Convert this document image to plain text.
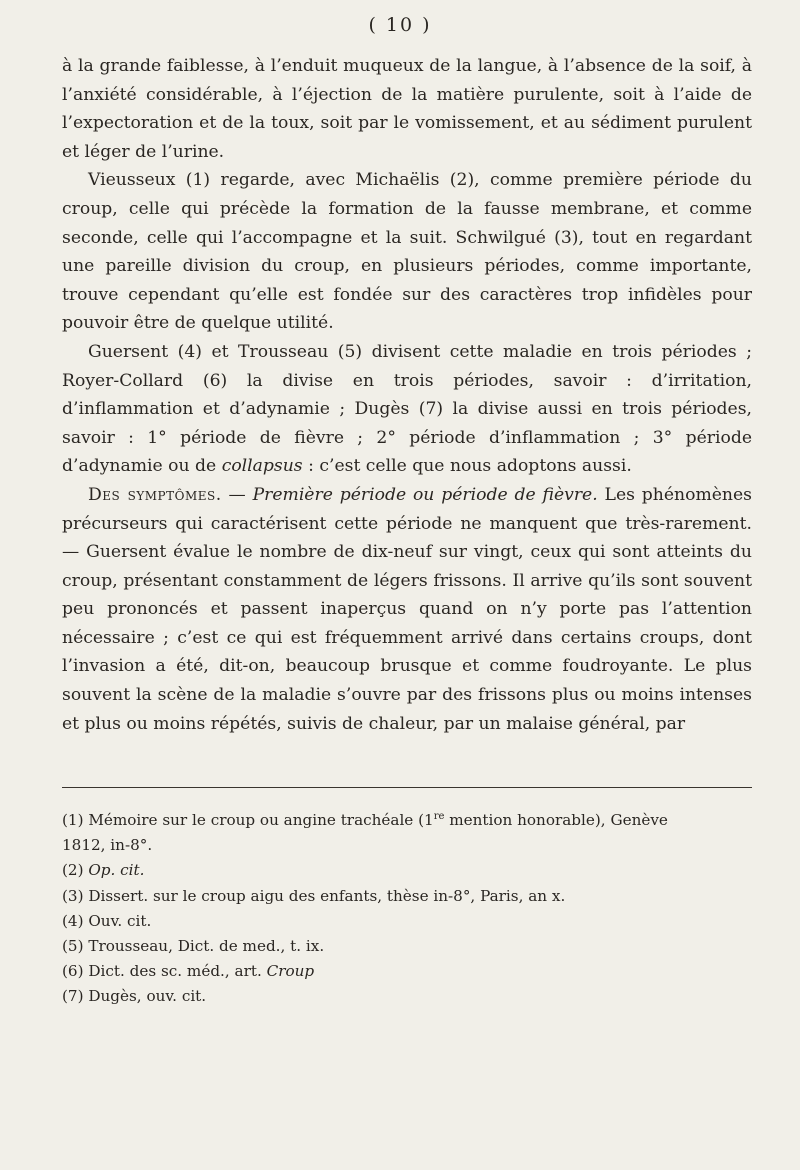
( 10 )

à la grande faiblesse, à l’enduit muqueux de la langue, à l’absence de la soif, à l’anxiété considérable, à l’éjection de la matière purulente, soit à l’aide de l’expectoration et de la toux, soit par le vomissement, et au sédiment purulent et léger de l’urine.

Vieusseux (1) regarde, avec Michaëlis (2), comme première période du croup, celle qui précède la formation de la fausse membrane, et comme seconde, celle qui l’accompagne et la suit. Schwilgué (3), tout en regardant une pareille division du croup, en plusieurs périodes, comme importante, trouve cependant qu’elle est fondée sur des caractères trop infidèles pour pouvoir être de quelque utilité.

Guersent (4) et Trousseau (5) divisent cette maladie en trois périodes ; Royer-Collard (6) la divise en trois périodes, savoir : d’irritation, d’inflammation et d’adynamie ; Dugès (7) la divise aussi en trois périodes, savoir : 1° période de fièvre ; 2° période d’inflammation ; 3° période d’adynamie ou de collapsus : c’est celle que nous adoptons aussi.

Des symptômes. — Première période ou période de fièvre. Les phénomènes précurseurs qui caractérisent cette période ne manquent que très-rarement. — Guersent évalue le nombre de dix-neuf sur vingt, ceux qui sont atteints du croup, présentant constamment de légers frissons. Il arrive qu’ils sont souvent peu prononcés et passent inaperçus quand on n’y porte pas l’attention nécessaire ; c’est ce qui est fréquemment arrivé dans certains croups, dont l’invasion a été, dit-on, beaucoup brusque et comme foudroyante. Le plus souvent la scène de la maladie s’ouvre par des frissons plus ou moins intenses et plus ou moins répétés, suivis de chaleur, par un malaise général, par

(1) Mémoire sur le croup ou angine trachéale (1re mention honorable), Genève

1812, in-8°.

(2) Op. cit.

(3) Dissert. sur le croup aigu des enfants, thèse in-8°, Paris, an x.

(4) Ouv. cit.

(5) Trousseau, Dict. de med., t. ix.

(6) Dict. des sc. méd., art. Croup

(7) Dugès, ouv. cit.
